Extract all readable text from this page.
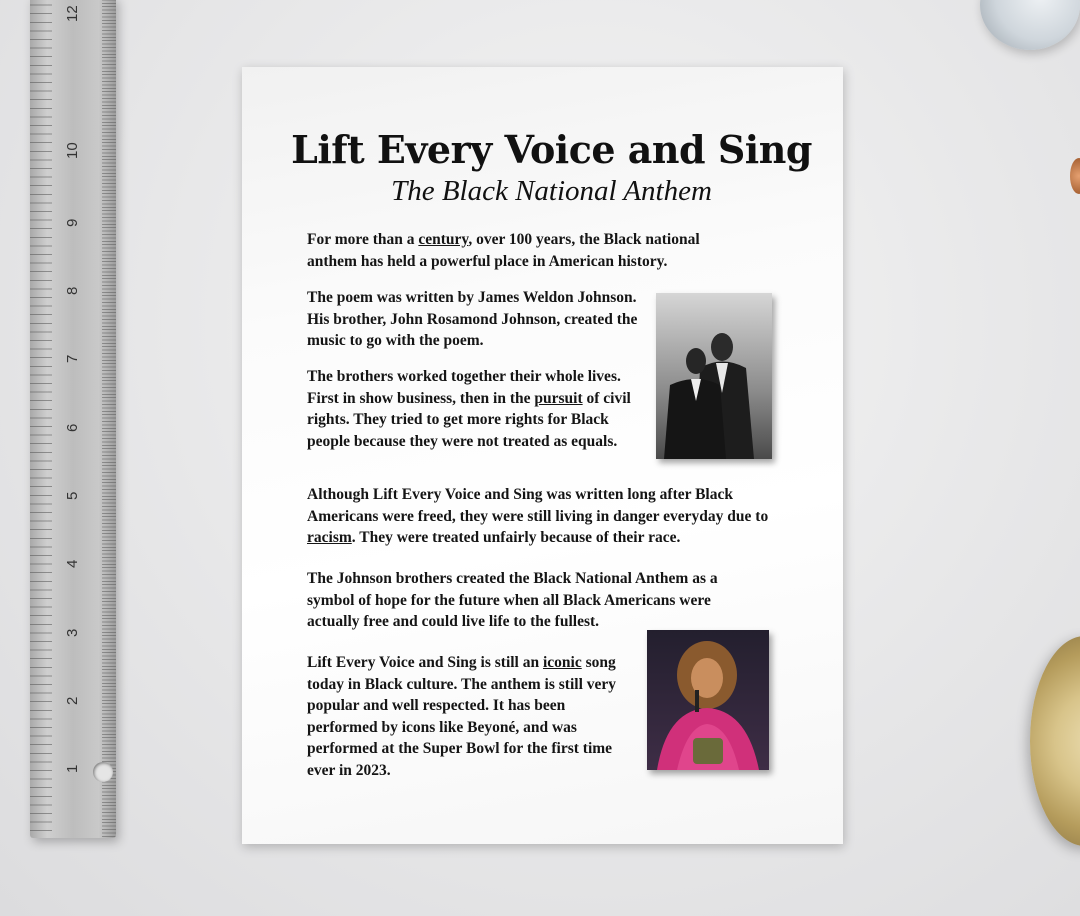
12
10
9
8
7
6
5
4
3
2
1
Lift Every Voice and Sing
The Black National Anthem

For more than a century, over 100 years, the Black national anthem has held a powerful place in American history.

The poem was written by James Weldon Johnson. His brother, John Rosamond Johnson, created the music to go with the poem.

The brothers worked together their whole lives. First in show business, then in the pursuit of civil rights. They tried to get more rights for Black people because they were not treated as equals.

Although Lift Every Voice and Sing was written long after Black Americans were freed, they were still living in danger everyday due to racism. They were treated unfairly because of their race.

The Johnson brothers created the Black National Anthem as a symbol of hope for the future when all Black Americans were actually free and could live life to the fullest.

Lift Every Voice and Sing is still an iconic song today in Black culture. The anthem is still very popular and well respected. It has been performed by icons like Beyoné, and was performed at the Super Bowl for the first time ever in 2023.
